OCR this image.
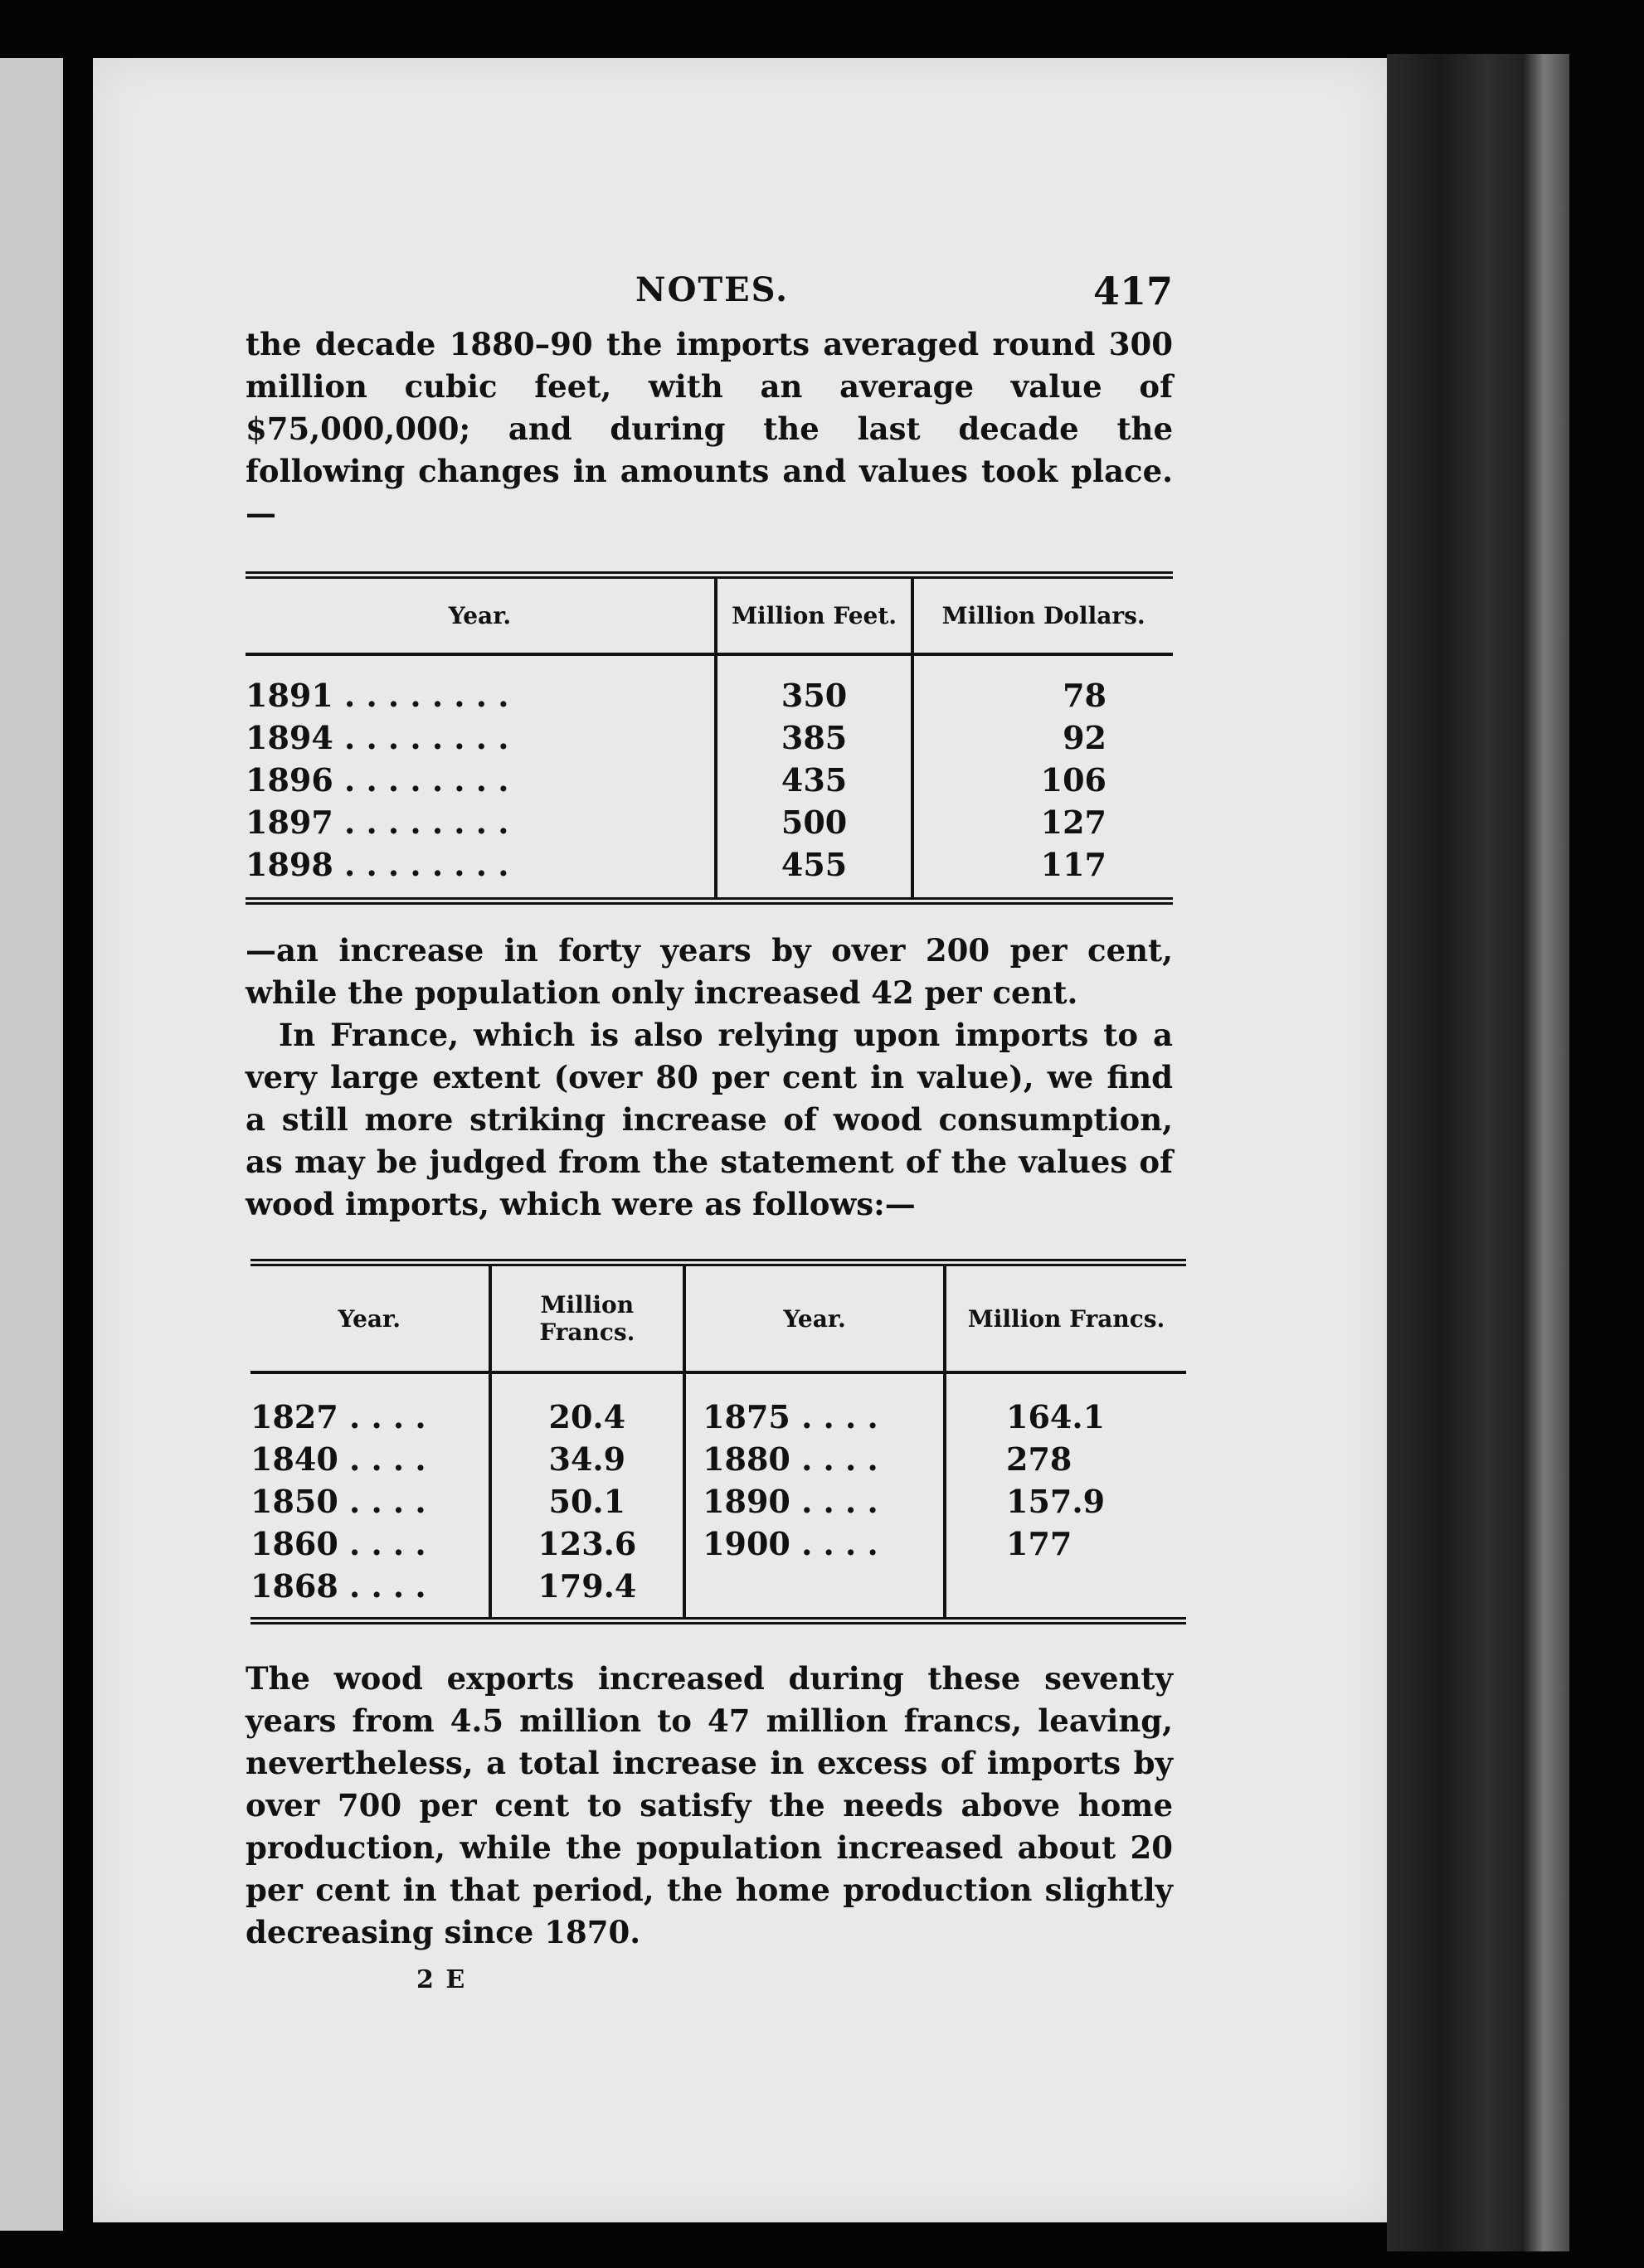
NOTES.	417

the decade 1880–90 the imports averaged round 300 million cubic feet, with an average value of $75,000,000; and during the last decade the following changes in amounts and values took place.—

Year.	Million Feet.	Million Dollars.
1891 . . . . . . . .	350	78
1894 . . . . . . . .	385	92
1896 . . . . . . . .	435	106
1897 . . . . . . . .	500	127
1898 . . . . . . . .	455	117

—an increase in forty years by over 200 per cent, while the population only increased 42 per cent.

In France, which is also relying upon imports to a very large extent (over 80 per cent in value), we find a still more striking increase of wood consumption, as may be judged from the statement of the values of wood imports, which were as follows:—

Year.	Million Francs.	Year.	Million Francs.
1827 . . . .	20.4	1875 . . . .	164.1
1840 . . . .	34.9	1880 . . . .	278
1850 . . . .	50.1	1890 . . . .	157.9
1860 . . . .	123.6	1900 . . . .	177
1868 . . . .	179.4		

The wood exports increased during these seventy years from 4.5 million to 47 million francs, leaving, nevertheless, a total increase in excess of imports by over 700 per cent to satisfy the needs above home production, while the population increased about 20 per cent in that period, the home production slightly decreasing since 1870.

2 E
